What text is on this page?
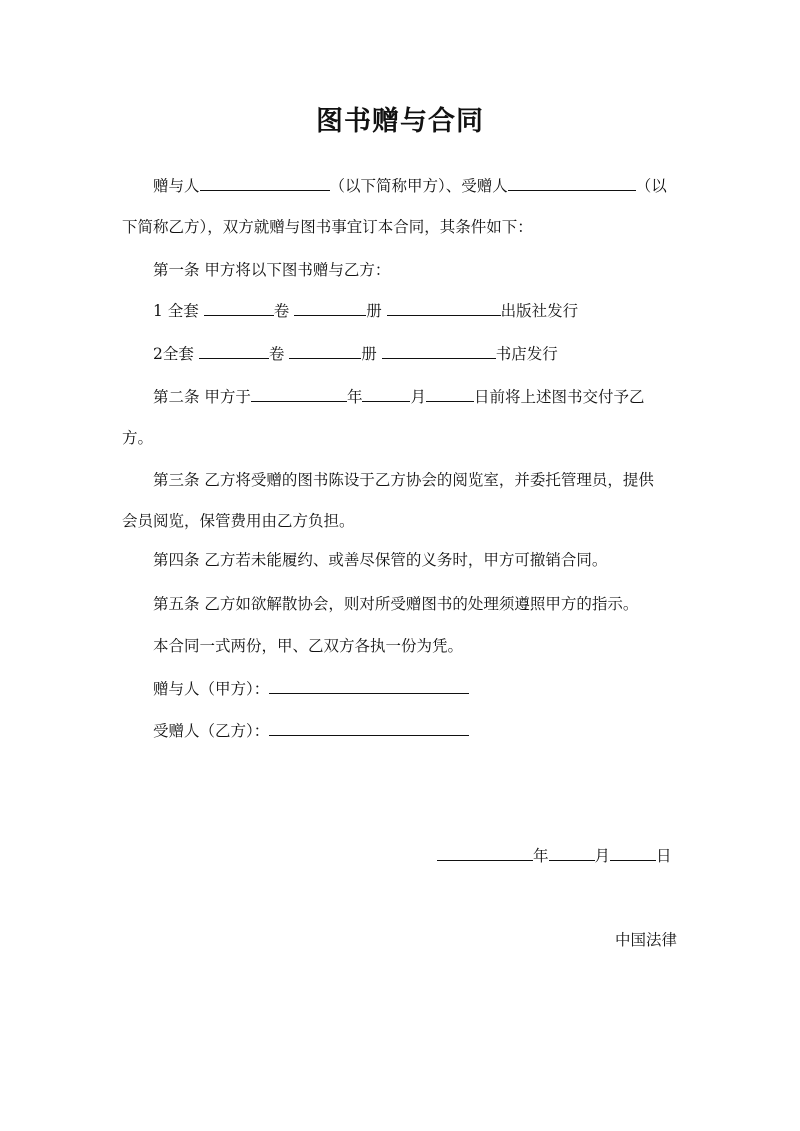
图书赠与合同
赠与人	（以下简称甲方）、受赠人	（以
下简称乙方），双方就赠与图书事宜订本合同，其条件如下：
第一条 甲方将以下图书赠与乙方：
1 全套	卷	册	出版社发行
2全套	卷	册	书店发行
第二条 甲方于	年	月	日前将上述图书交付予乙
方。
第三条 乙方将受赠的图书陈设于乙方协会的阅览室，并委托管理员，提供
会员阅览，保管费用由乙方负担。
第四条 乙方若未能履约、或善尽保管的义务时，甲方可撤销合同。
第五条 乙方如欲解散协会，则对所受赠图书的处理须遵照甲方的指示。
本合同一式两份，甲、乙双方各执一份为凭。
赠与人（甲方）：
受赠人（乙方）：
年	月	日
中国法律
